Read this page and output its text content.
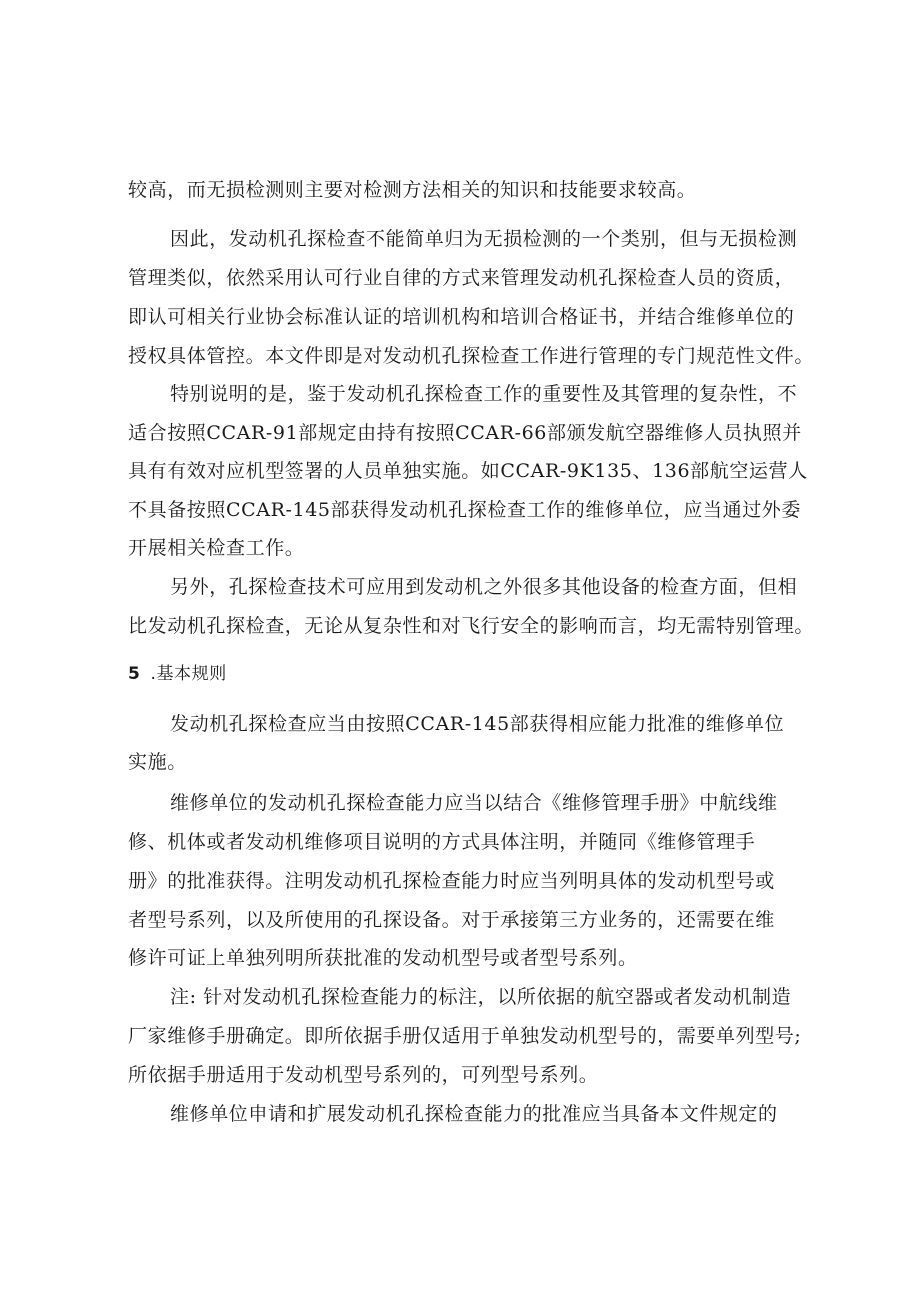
较高，而无损检测则主要对检测方法相关的知识和技能要求较高。
因此，发动机孔探检查不能简单归为无损检测的一个类别，但与无损检测
管理类似，依然采用认可行业自律的方式来管理发动机孔探检查人员的资质，
即认可相关行业协会标准认证的培训机构和培训合格证书，并结合维修单位的
授权具体管控。本文件即是对发动机孔探检查工作进行管理的专门规范性文件。
特别说明的是，鉴于发动机孔探检查工作的重要性及其管理的复杂性，不
适合按照CCAR-91部规定由持有按照CCAR-66部颁发航空器维修人员执照并
具有有效对应机型签署的人员单独实施。如CCAR-9K135、136部航空运营人
不具备按照CCAR-145部获得发动机孔探检查工作的维修单位，应当通过外委
开展相关检查工作。
另外，孔探检查技术可应用到发动机之外很多其他设备的检查方面，但相
比发动机孔探检查，无论从复杂性和对飞行安全的影响而言，均无需特别管理。
5 .基本规则
发动机孔探检查应当由按照CCAR-145部获得相应能力批准的维修单位
实施。
维修单位的发动机孔探检查能力应当以结合《维修管理手册》中航线维
修、机体或者发动机维修项目说明的方式具体注明，并随同《维修管理手
册》的批准获得。注明发动机孔探检查能力时应当列明具体的发动机型号或
者型号系列，以及所使用的孔探设备。对于承接第三方业务的，还需要在维
修许可证上单独列明所获批准的发动机型号或者型号系列。
注: 针对发动机孔探检查能力的标注，以所依据的航空器或者发动机制造
厂家维修手册确定。即所依据手册仅适用于单独发动机型号的，需要单列型号;
所依据手册适用于发动机型号系列的，可列型号系列。
维修单位申请和扩展发动机孔探检查能力的批准应当具备本文件规定的
